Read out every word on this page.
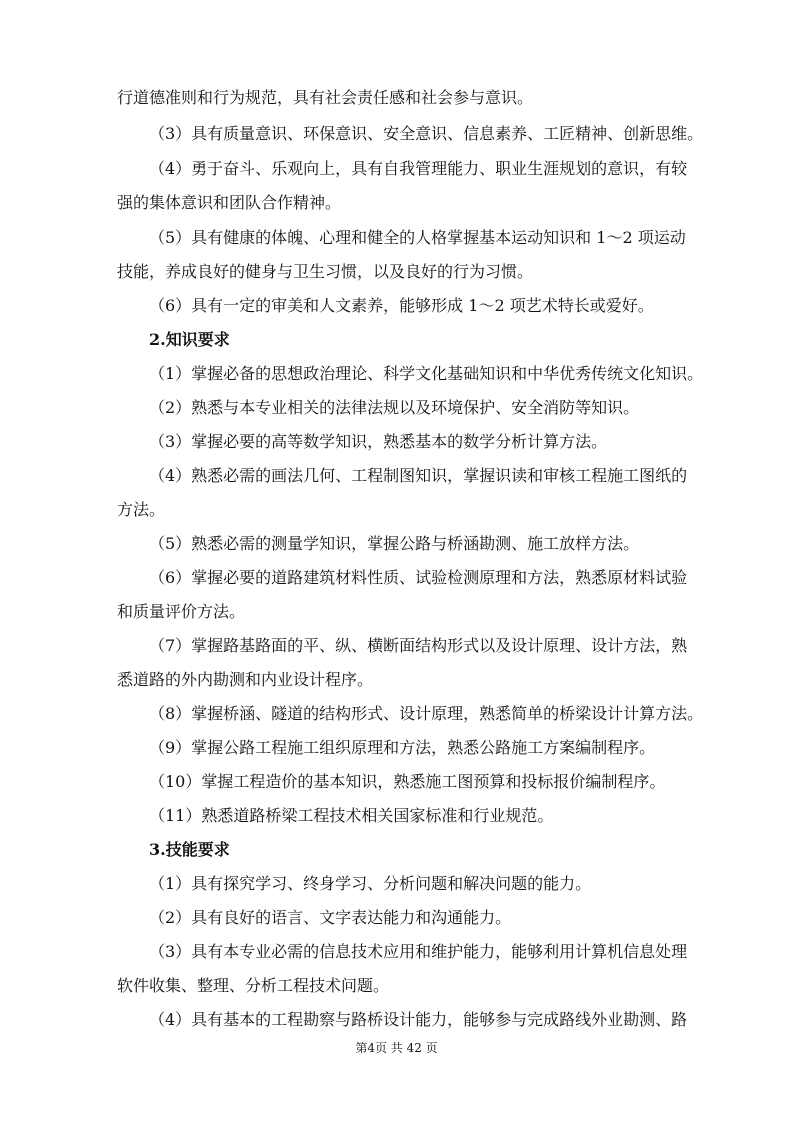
行道德准则和行为规范，具有社会责任感和社会参与意识。
（3）具有质量意识、环保意识、安全意识、信息素养、工匠精神、创新思维。
（4）勇于奋斗、乐观向上，具有自我管理能力、职业生涯规划的意识，有较
强的集体意识和团队合作精神。
（5）具有健康的体魄、心理和健全的人格掌握基本运动知识和 1～2 项运动
技能，养成良好的健身与卫生习惯，以及良好的行为习惯。
（6）具有一定的审美和人文素养，能够形成 1～2 项艺术特长或爱好。
2.知识要求
（1）掌握必备的思想政治理论、科学文化基础知识和中华优秀传统文化知识。
（2）熟悉与本专业相关的法律法规以及环境保护、安全消防等知识。
（3）掌握必要的高等数学知识，熟悉基本的数学分析计算方法。
（4）熟悉必需的画法几何、工程制图知识，掌握识读和审核工程施工图纸的
方法。
（5）熟悉必需的测量学知识，掌握公路与桥涵勘测、施工放样方法。
（6）掌握必要的道路建筑材料性质、试验检测原理和方法，熟悉原材料试验
和质量评价方法。
（7）掌握路基路面的平、纵、横断面结构形式以及设计原理、设计方法，熟
悉道路的外内勘测和内业设计程序。
（8）掌握桥涵、隧道的结构形式、设计原理，熟悉简单的桥梁设计计算方法。
（9）掌握公路工程施工组织原理和方法，熟悉公路施工方案编制程序。
（10）掌握工程造价的基本知识，熟悉施工图预算和投标报价编制程序。
（11）熟悉道路桥梁工程技术相关国家标准和行业规范。
3.技能要求
（1）具有探究学习、终身学习、分析问题和解决问题的能力。
（2）具有良好的语言、文字表达能力和沟通能力。
（3）具有本专业必需的信息技术应用和维护能力，能够利用计算机信息处理
软件收集、整理、分析工程技术问题。
（4）具有基本的工程勘察与路桥设计能力，能够参与完成路线外业勘测、路
第4页 共 42 页
